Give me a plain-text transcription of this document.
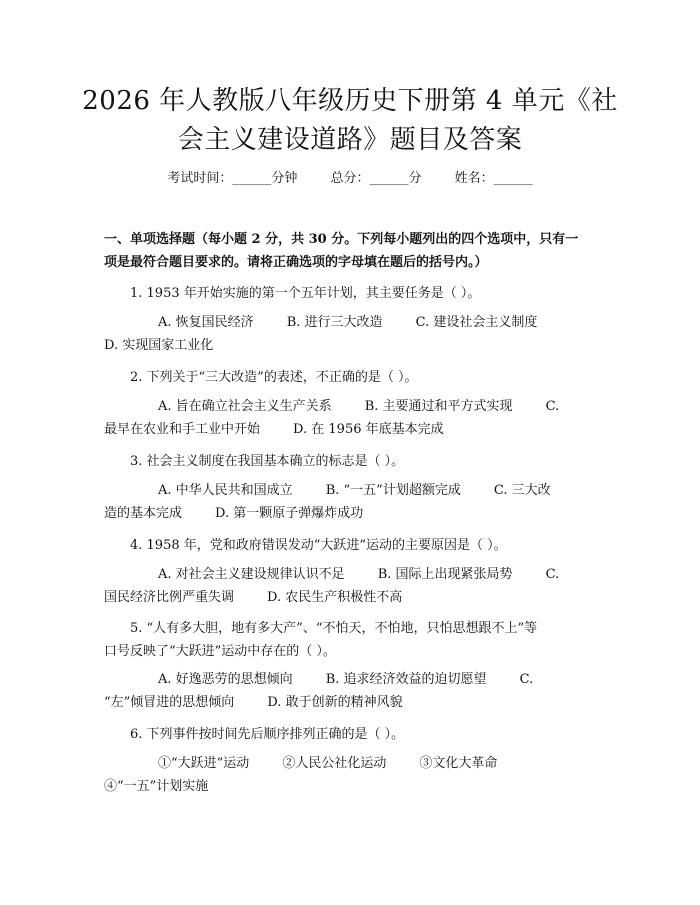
2026 年人教版八年级历史下册第 4 单元《社
会主义建设道路》题目及答案
考试时间：______分钟	总分：______分	姓名：______
一、单项选择题（每小题 2 分，共 30 分。下列每小题列出的四个选项中，只有一
项是最符合题目要求的。请将正确选项的字母填在题后的括号内。）
1. 1953 年开始实施的第一个五年计划，其主要任务是（ ）。
A. 恢复国民经济        B. 进行三大改造        C. 建设社会主义制度
D. 实现国家工业化
2. 下列关于“三大改造”的表述，不正确的是（ ）。
A. 旨在确立社会主义生产关系        B. 主要通过和平方式实现        C.
最早在农业和手工业中开始        D. 在 1956 年底基本完成
3. 社会主义制度在我国基本确立的标志是（ ）。
A. 中华人民共和国成立        B. “一五”计划超额完成        C. 三大改
造的基本完成        D. 第一颗原子弹爆炸成功
4. 1958 年，党和政府错误发动“大跃进”运动的主要原因是（ ）。
A. 对社会主义建设规律认识不足        B. 国际上出现紧张局势        C.
国民经济比例严重失调        D. 农民生产积极性不高
5. “人有多大胆，地有多大产”、“不怕天，不怕地，只怕思想跟不上”等
口号反映了“大跃进”运动中存在的（ ）。
A. 好逸恶劳的思想倾向        B. 追求经济效益的迫切愿望        C.
“左”倾冒进的思想倾向        D. 敢于创新的精神风貌
6. 下列事件按时间先后顺序排列正确的是（ ）。
①“大跃进”运动        ②人民公社化运动        ③文化大革命
④“一五”计划实施
